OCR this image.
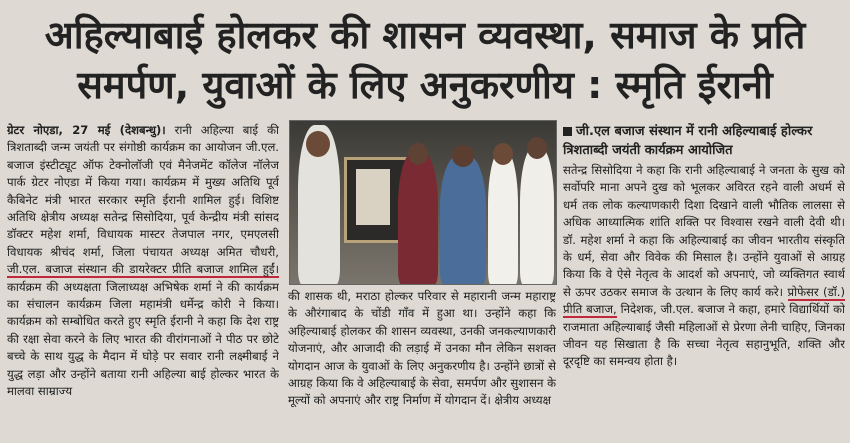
अहिल्याबाई होलकर की शासन व्यवस्था, समाज के प्रति
समर्पण, युवाओं के लिए अनुकरणीय : स्मृति ईरानी

ग्रेटर नोएडा, 27 मई (देशबन्धु)। रानी अहिल्या बाई की त्रिशताब्दी जन्म जयंती पर संगोष्ठी कार्यक्रम का आयोजन जी.एल. बजाज इंस्टीट्यूट ऑफ टेक्नोलॉजी एवं मैनेजमेंट कॉलेज नॉलेज पार्क ग्रेटर नोएडा में किया गया। कार्यक्रम में मुख्य अतिथि पूर्व कैबिनेट मंत्री भारत सरकार स्मृति ईरानी शामिल हुई। विशिष्ट अतिथि क्षेत्रीय अध्यक्ष सतेन्द्र सिसोदिया, पूर्व केन्द्रीय मंत्री सांसद डॉक्टर महेश शर्मा, विधायक मास्टर तेजपाल नगर, एमएलसी विधायक श्रीचंद शर्मा, जिला पंचायत अध्यक्ष अमित चौधरी, जी.एल. बजाज संस्थान की डायरेक्टर प्रीति बजाज शामिल हुईं। कार्यक्रम की अध्यक्षता जिलाध्यक्ष अभिषेक शर्मा ने की कार्यक्रम का संचालन कार्यक्रम जिला महामंत्री धर्मेन्द्र कोरी ने किया। कार्यक्रम को सम्बोधित करते हुए स्मृति ईरानी ने कहा कि देश राष्ट्र की रक्षा सेवा करने के लिए भारत की वीरांगनाओं ने पीठ पर छोटे बच्चे के साथ युद्ध के मैदान में घोड़े पर सवार रानी लक्ष्मीबाई ने युद्ध लड़ा और उन्होंने बताया रानी अहिल्या बाई होल्कर भारत के मालवा साम्राज्य

की शासक थी, मराठा होल्कर परिवार से महारानी जन्म महाराष्ट्र के औरंगाबाद के चोंडी गाँव में हुआ था। उन्होंने कहा कि अहिल्याबाई होलकर की शासन व्यवस्था, उनकी जनकल्याणकारी योजनाएं, और आजादी की लड़ाई में उनका मौन लेकिन सशक्त योगदान आज के युवाओं के लिए अनुकरणीय है। उन्होंने छात्रों से आग्रह किया कि वे अहिल्याबाई के सेवा, समर्पण और सुशासन के मूल्यों को अपनाएं और राष्ट्र निर्माण में योगदान दें। क्षेत्रीय अध्यक्ष

जी.एल बजाज संस्थान में रानी अहिल्याबाई होल्कर त्रिशताब्दी जयंती कार्यक्रम आयोजित

सतेन्द्र सिसोदिया ने कहा कि रानी अहिल्याबाई ने जनता के सुख को सर्वोपरि माना अपने दुख को भूलकर अविरत रहने वाली अधर्म से धर्म तक लोक कल्याणकारी दिशा दिखाने वाली भौतिक लालसा से अधिक आध्यात्मिक शांति शक्ति पर विश्वास रखने वाली देवी थी। डॉ. महेश शर्मा ने कहा कि अहिल्याबाई का जीवन भारतीय संस्कृति के धर्म, सेवा और विवेक की मिसाल है। उन्होंने युवाओं से आग्रह किया कि वे ऐसे नेतृत्व के आदर्श को अपनाएं, जो व्यक्तिगत स्वार्थ से ऊपर उठकर समाज के उत्थान के लिए कार्य करे। प्रोफेसर (डॉ.) प्रीति बजाज, निदेशक, जी.एल. बजाज ने कहा, हमारे विद्यार्थियों को राजमाता अहिल्याबाई जैसी महिलाओं से प्रेरणा लेनी चाहिए, जिनका जीवन यह सिखाता है कि सच्चा नेतृत्व सहानुभूति, शक्ति और दूरदृष्टि का समन्वय होता है।
